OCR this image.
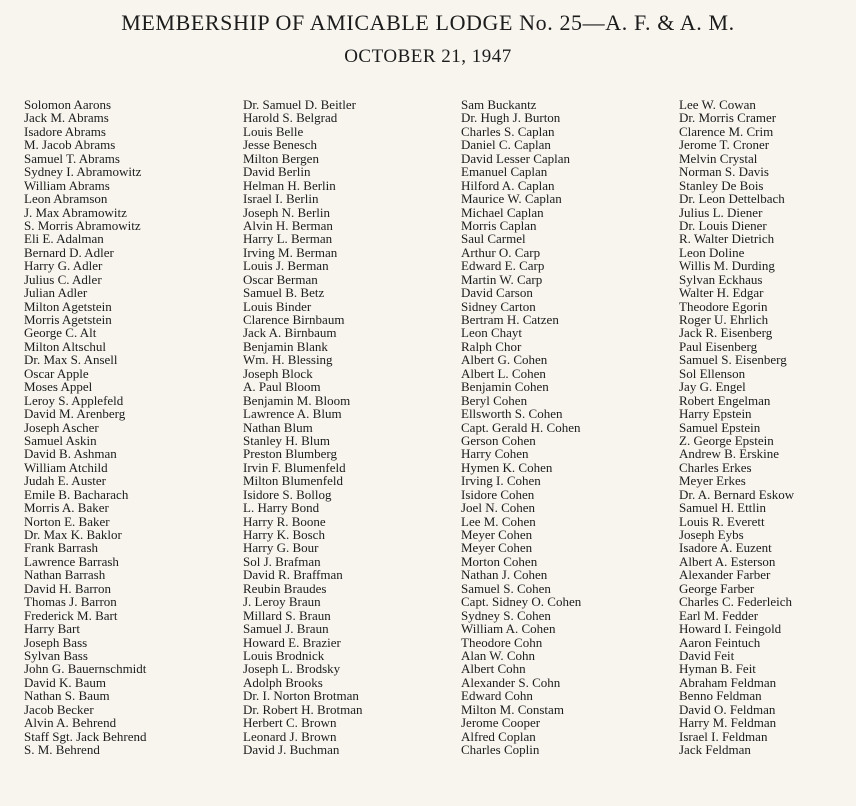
MEMBERSHIP OF AMICABLE LODGE No. 25—A. F. & A. M.
OCTOBER 21, 1947
Solomon Aarons
Jack M. Abrams
Isadore Abrams
M. Jacob Abrams
Samuel T. Abrams
Sydney I. Abramowitz
William Abrams
Leon Abramson
J. Max Abramowitz
S. Morris Abramowitz
Eli E. Adalman
Bernard D. Adler
Harry G. Adler
Julius C. Adler
Julian Adler
Milton Agetstein
Morris Agetstein
George C. Alt
Milton Altschul
Dr. Max S. Ansell
Oscar Apple
Moses Appel
Leroy S. Applefeld
David M. Arenberg
Joseph Ascher
Samuel Askin
David B. Ashman
William Atchild
Judah E. Auster
Emile B. Bacharach
Morris A. Baker
Norton E. Baker
Dr. Max K. Baklor
Frank Barrash
Lawrence Barrash
Nathan Barrash
David H. Barron
Thomas J. Barron
Frederick M. Bart
Harry Bart
Joseph Bass
Sylvan Bass
John G. Bauernschmidt
David K. Baum
Nathan S. Baum
Jacob Becker
Alvin A. Behrend
Staff Sgt. Jack Behrend
S. M. Behrend
Dr. Samuel D. Beitler
Harold S. Belgrad
Louis Belle
Jesse Benesch
Milton Bergen
David Berlin
Helman H. Berlin
Israel I. Berlin
Joseph N. Berlin
Alvin H. Berman
Harry L. Berman
Irving M. Berman
Louis J. Berman
Oscar Berman
Samuel B. Betz
Louis Binder
Clarence Birnbaum
Jack A. Birnbaum
Benjamin Blank
Wm. H. Blessing
Joseph Block
A. Paul Bloom
Benjamin M. Bloom
Lawrence A. Blum
Nathan Blum
Stanley H. Blum
Preston Blumberg
Irvin F. Blumenfeld
Milton Blumenfeld
Isidore S. Bollog
L. Harry Bond
Harry R. Boone
Harry K. Bosch
Harry G. Bour
Sol J. Brafman
David R. Braffman
Reubin Braudes
J. Leroy Braun
Millard S. Braun
Samuel J. Braun
Howard E. Brazier
Louis Brodnick
Joseph L. Brodsky
Adolph Brooks
Dr. I. Norton Brotman
Dr. Robert H. Brotman
Herbert C. Brown
Leonard J. Brown
David J. Buchman
Sam Buckantz
Dr. Hugh J. Burton
Charles S. Caplan
Daniel C. Caplan
David Lesser Caplan
Emanuel Caplan
Hilford A. Caplan
Maurice W. Caplan
Michael Caplan
Morris Caplan
Saul Carmel
Arthur O. Carp
Edward E. Carp
Martin W. Carp
David Carson
Sidney Carton
Bertram H. Catzen
Leon Chayt
Ralph Chor
Albert G. Cohen
Albert L. Cohen
Benjamin Cohen
Beryl Cohen
Ellsworth S. Cohen
Capt. Gerald H. Cohen
Gerson Cohen
Harry Cohen
Hymen K. Cohen
Irving I. Cohen
Isidore Cohen
Joel N. Cohen
Lee M. Cohen
Meyer Cohen
Meyer Cohen
Morton Cohen
Nathan J. Cohen
Samuel S. Cohen
Capt. Sidney O. Cohen
Sydney S. Cohen
William A. Cohen
Theodore Cohn
Alan W. Cohn
Albert Cohn
Alexander S. Cohn
Edward Cohn
Milton M. Constam
Jerome Cooper
Alfred Coplan
Charles Coplin
Lee W. Cowan
Dr. Morris Cramer
Clarence M. Crim
Jerome T. Croner
Melvin Crystal
Norman S. Davis
Stanley De Bois
Dr. Leon Dettelbach
Julius L. Diener
Dr. Louis Diener
R. Walter Dietrich
Leon Doline
Willis M. Durding
Sylvan Eckhaus
Walter H. Edgar
Theodore Egorin
Roger U. Ehrlich
Jack R. Eisenberg
Paul Eisenberg
Samuel S. Eisenberg
Sol Ellenson
Jay G. Engel
Robert Engelman
Harry Epstein
Samuel Epstein
Z. George Epstein
Andrew B. Erskine
Charles Erkes
Meyer Erkes
Dr. A. Bernard Eskow
Samuel H. Ettlin
Louis R. Everett
Joseph Eybs
Isadore A. Euzent
Albert A. Esterson
Alexander Farber
George Farber
Charles C. Federleich
Earl M. Fedder
Howard I. Feingold
Aaron Feintuch
David Feit
Hyman B. Feit
Abraham Feldman
Benno Feldman
David O. Feldman
Harry M. Feldman
Israel I. Feldman
Jack Feldman
